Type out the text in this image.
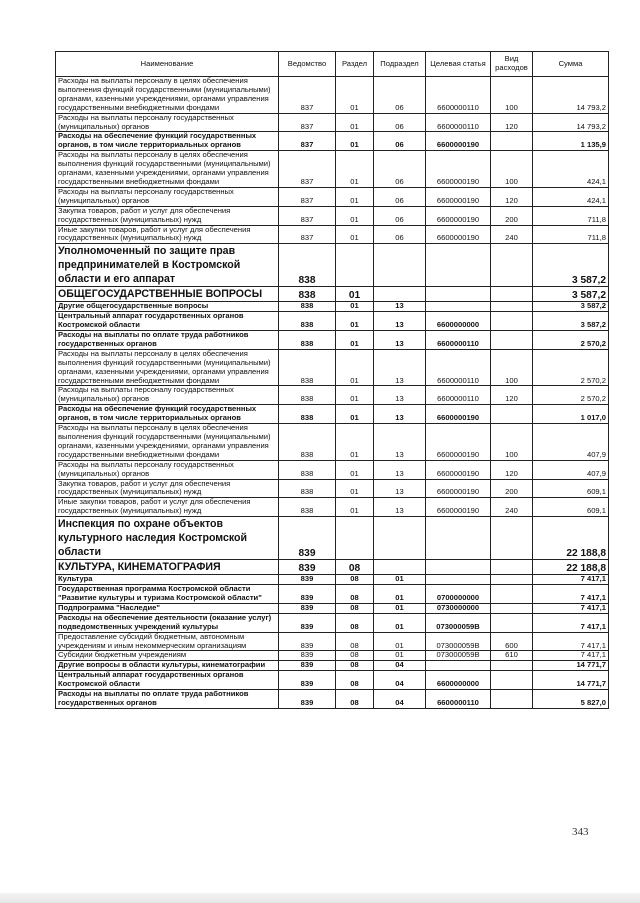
Наименование	Ведомство	Раздел	Подраздел	Целевая статья	Вид расходов	Сумма
Расходы на выплаты персоналу в целях обеспечения выполнения функций государственными (муниципальными) органами, казенными учреждениями, органами управления государственными внебюджетными фондами	837	01	06	6600000110	100	14 793,2
Расходы на выплаты персоналу государственных (муниципальных) органов	837	01	06	6600000110	120	14 793,2
Расходы на обеспечение функций государственных органов, в том числе территориальных органов	837	01	06	6600000190		1 135,9
Расходы на выплаты персоналу в целях обеспечения выполнения функций государственными (муниципальными) органами, казенными учреждениями, органами управления государственными внебюджетными фондами	837	01	06	6600000190	100	424,1
Расходы на выплаты персоналу государственных (муниципальных) органов	837	01	06	6600000190	120	424,1
Закупка товаров, работ и услуг для обеспечения государственных (муниципальных) нужд	837	01	06	6600000190	200	711,8
Иные закупки товаров, работ и услуг для обеспечения государственных (муниципальных) нужд	837	01	06	6600000190	240	711,8
Уполномоченный по защите прав предпринимателей в Костромской области и его аппарат	838					3 587,2
ОБЩЕГОСУДАРСТВЕННЫЕ ВОПРОСЫ	838	01				3 587,2
Другие общегосударственные вопросы	838	01	13			3 587,2
Центральный аппарат государственных органов Костромской области	838	01	13	6600000000		3 587,2
Расходы на выплаты по оплате труда работников государственных органов	838	01	13	6600000110		2 570,2
Расходы на выплаты персоналу в целях обеспечения выполнения функций государственными (муниципальными) органами, казенными учреждениями, органами управления государственными внебюджетными фондами	838	01	13	6600000110	100	2 570,2
Расходы на выплаты персоналу государственных (муниципальных) органов	838	01	13	6600000110	120	2 570,2
Расходы на обеспечение функций государственных органов, в том числе территориальных органов	838	01	13	6600000190		1 017,0
Расходы на выплаты персоналу в целях обеспечения выполнения функций государственными (муниципальными) органами, казенными учреждениями, органами управления государственными внебюджетными фондами	838	01	13	6600000190	100	407,9
Расходы на выплаты персоналу государственных (муниципальных) органов	838	01	13	6600000190	120	407,9
Закупка товаров, работ и услуг для обеспечения государственных (муниципальных) нужд	838	01	13	6600000190	200	609,1
Иные закупки товаров, работ и услуг для обеспечения государственных (муниципальных) нужд	838	01	13	6600000190	240	609,1
Инспекция по охране объектов культурного наследия Костромской области	839					22 188,8
КУЛЬТУРА, КИНЕМАТОГРАФИЯ	839	08				22 188,8
Культура	839	08	01			7 417,1
Государственная программа Костромской области "Развитие культуры и туризма Костромской области"	839	08	01	0700000000		7 417,1
Подпрограмма "Наследие"	839	08	01	0730000000		7 417,1
Расходы на обеспечение деятельности (оказание услуг) подведомственных учреждений культуры	839	08	01	073000059В		7 417,1
Предоставление субсидий бюджетным, автономным учреждениям и иным некоммерческим организациям	839	08	01	073000059В	600	7 417,1
Субсидии бюджетным учреждениям	839	08	01	073000059В	610	7 417,1
Другие вопросы в области культуры, кинематографии	839	08	04			14 771,7
Центральный аппарат государственных органов Костромской области	839	08	04	6600000000		14 771,7
Расходы на выплаты по оплате труда работников государственных органов	839	08	04	6600000110		5 827,0
343
